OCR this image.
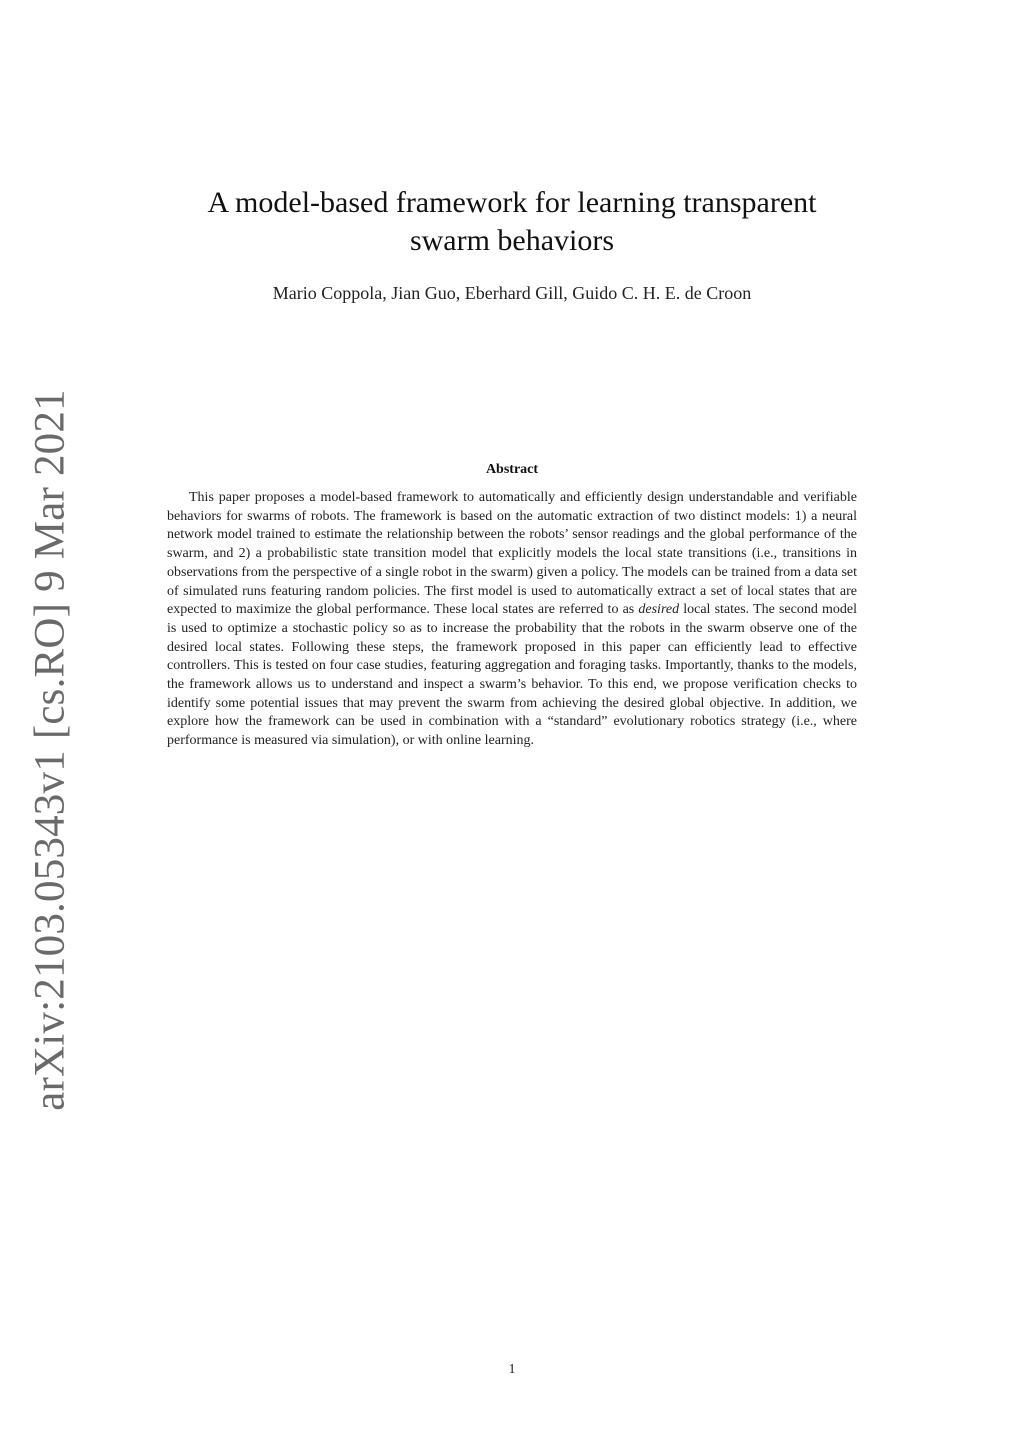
arXiv:2103.05343v1 [cs.RO] 9 Mar 2021
A model-based framework for learning transparent
swarm behaviors
Mario Coppola, Jian Guo, Eberhard Gill, Guido C. H. E. de Croon
Abstract

This paper proposes a model-based framework to automatically and efficiently design understandable and verifiable behaviors for swarms of robots. The framework is based on the automatic extraction of two distinct models: 1) a neural network model trained to estimate the relationship between the robots’ sensor readings and the global performance of the swarm, and 2) a probabilistic state transition model that explicitly models the local state transitions (i.e., transitions in observations from the perspective of a single robot in the swarm) given a policy. The models can be trained from a data set of simulated runs featuring random policies. The first model is used to automatically extract a set of local states that are expected to maximize the global performance. These local states are referred to as desired local states. The second model is used to optimize a stochastic policy so as to increase the probability that the robots in the swarm observe one of the desired local states. Following these steps, the framework proposed in this paper can efficiently lead to effective controllers. This is tested on four case studies, featuring aggregation and foraging tasks. Importantly, thanks to the models, the framework allows us to understand and inspect a swarm’s behavior. To this end, we propose verification checks to identify some potential issues that may prevent the swarm from achieving the desired global objective. In addition, we explore how the framework can be used in combination with a “standard” evolutionary robotics strategy (i.e., where performance is measured via simulation), or with online learning.

1
